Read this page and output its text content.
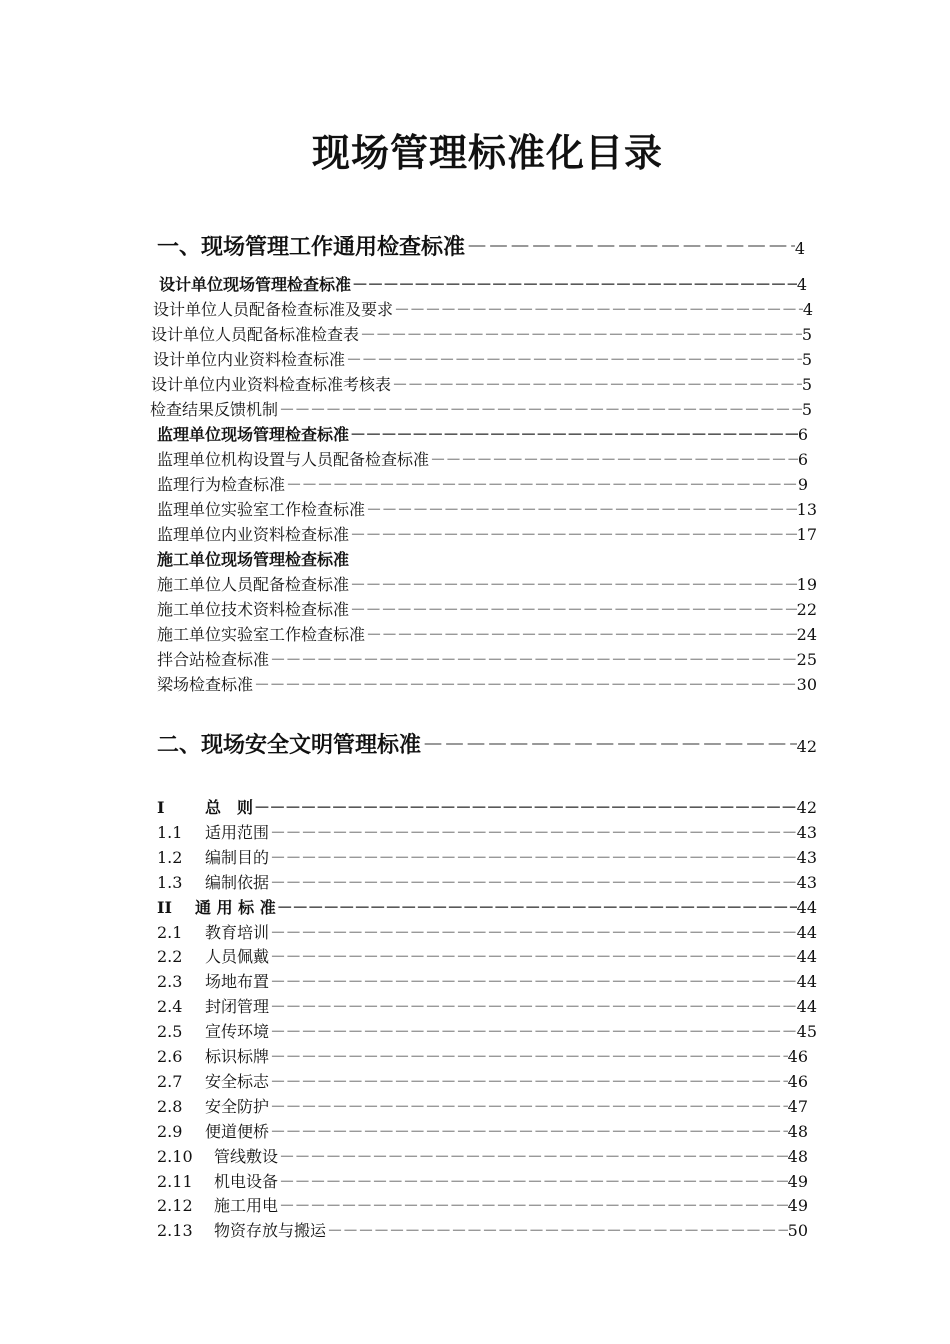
现场管理标准化目录
一、现场管理工作通用检查标准 －－－－－－－－－－－－－－－－－－－－－－－－－－－－－－－－－－－－－－－－－－－－－－－－－－－－－－－－－－－－－－－－－－－－－－－－－－－－－－	4
设计单位现场管理检查标准 －－－－－－－－－－－－－－－－－－－－－－－－－－－－－－－－－－－－－－－－－－－－－－－－－－－－－－－－－－－－－－－－－－－－－－－－－－－－－－	4
设计单位人员配备检查标准及要求 －－－－－－－－－－－－－－－－－－－－－－－－－－－－－－－－－－－－－－－－－－－－－－－－－－－－－－－－－－－－－－－－－－－－－－－－－－－－－－	4
设计单位人员配备标准检查表 －－－－－－－－－－－－－－－－－－－－－－－－－－－－－－－－－－－－－－－－－－－－－－－－－－－－－－－－－－－－－－－－－－－－－－－－－－－－－－	5
设计单位内业资料检查标准 －－－－－－－－－－－－－－－－－－－－－－－－－－－－－－－－－－－－－－－－－－－－－－－－－－－－－－－－－－－－－－－－－－－－－－－－－－－－－－	5
设计单位内业资料检查标准考核表 －－－－－－－－－－－－－－－－－－－－－－－－－－－－－－－－－－－－－－－－－－－－－－－－－－－－－－－－－－－－－－－－－－－－－－－－－－－－－－	5
检查结果反馈机制 －－－－－－－－－－－－－－－－－－－－－－－－－－－－－－－－－－－－－－－－－－－－－－－－－－－－－－－－－－－－－－－－－－－－－－－－－－－－－－	5
监理单位现场管理检查标准 －－－－－－－－－－－－－－－－－－－－－－－－－－－－－－－－－－－－－－－－－－－－－－－－－－－－－－－－－－－－－－－－－－－－－－－－－－－－－－	6
监理单位机构设置与人员配备检查标准 －－－－－－－－－－－－－－－－－－－－－－－－－－－－－－－－－－－－－－－－－－－－－－－－－－－－－－－－－－－－－－－－－－－－－－－－－－－－－－	6
监理行为检查标准 －－－－－－－－－－－－－－－－－－－－－－－－－－－－－－－－－－－－－－－－－－－－－－－－－－－－－－－－－－－－－－－－－－－－－－－－－－－－－－	9
监理单位实验室工作检查标准 －－－－－－－－－－－－－－－－－－－－－－－－－－－－－－－－－－－－－－－－－－－－－－－－－－－－－－－－－－－－－－－－－－－－－－－－－－－－－－	13
监理单位内业资料检查标准 －－－－－－－－－－－－－－－－－－－－－－－－－－－－－－－－－－－－－－－－－－－－－－－－－－－－－－－－－－－－－－－－－－－－－－－－－－－－－－	17
施工单位现场管理检查标准
施工单位人员配备检查标准 －－－－－－－－－－－－－－－－－－－－－－－－－－－－－－－－－－－－－－－－－－－－－－－－－－－－－－－－－－－－－－－－－－－－－－－－－－－－－－	19
施工单位技术资料检查标准 －－－－－－－－－－－－－－－－－－－－－－－－－－－－－－－－－－－－－－－－－－－－－－－－－－－－－－－－－－－－－－－－－－－－－－－－－－－－－－	22
施工单位实验室工作检查标准 －－－－－－－－－－－－－－－－－－－－－－－－－－－－－－－－－－－－－－－－－－－－－－－－－－－－－－－－－－－－－－－－－－－－－－－－－－－－－－	24
拌合站检查标准 －－－－－－－－－－－－－－－－－－－－－－－－－－－－－－－－－－－－－－－－－－－－－－－－－－－－－－－－－－－－－－－－－－－－－－－－－－－－－－	25
梁场检查标准 －－－－－－－－－－－－－－－－－－－－－－－－－－－－－－－－－－－－－－－－－－－－－－－－－－－－－－－－－－－－－－－－－－－－－－－－－－－－－－	30
二、现场安全文明管理标准 －－－－－－－－－－－－－－－－－－－－－－－－－－－－－－－－－－－－－－－－－－－－－－－－－－－－－－－－－－－－－－－－－－－－－－－－－－－－－－	42
I	总　则 －－－－－－－－－－－－－－－－－－－－－－－－－－－－－－－－－－－－－－－－－－－－－－－－－－－－－－－－－－－－－－－－－－－－－－－－－－－－－－	42
1.1	适用范围 －－－－－－－－－－－－－－－－－－－－－－－－－－－－－－－－－－－－－－－－－－－－－－－－－－－－－－－－－－－－－－－－－－－－－－－－－－－－－－	43
1.2	编制目的 －－－－－－－－－－－－－－－－－－－－－－－－－－－－－－－－－－－－－－－－－－－－－－－－－－－－－－－－－－－－－－－－－－－－－－－－－－－－－－	43
1.3	编制依据 －－－－－－－－－－－－－－－－－－－－－－－－－－－－－－－－－－－－－－－－－－－－－－－－－－－－－－－－－－－－－－－－－－－－－－－－－－－－－－	43
II	通 用 标 准 －－－－－－－－－－－－－－－－－－－－－－－－－－－－－－－－－－－－－－－－－－－－－－－－－－－－－－－－－－－－－－－－－－－－－－－－－－－－－－	44
2.1	教育培训 －－－－－－－－－－－－－－－－－－－－－－－－－－－－－－－－－－－－－－－－－－－－－－－－－－－－－－－－－－－－－－－－－－－－－－－－－－－－－－	44
2.2	人员佩戴 －－－－－－－－－－－－－－－－－－－－－－－－－－－－－－－－－－－－－－－－－－－－－－－－－－－－－－－－－－－－－－－－－－－－－－－－－－－－－－	44
2.3	场地布置 －－－－－－－－－－－－－－－－－－－－－－－－－－－－－－－－－－－－－－－－－－－－－－－－－－－－－－－－－－－－－－－－－－－－－－－－－－－－－－	44
2.4	封闭管理 －－－－－－－－－－－－－－－－－－－－－－－－－－－－－－－－－－－－－－－－－－－－－－－－－－－－－－－－－－－－－－－－－－－－－－－－－－－－－－	44
2.5	宣传环境 －－－－－－－－－－－－－－－－－－－－－－－－－－－－－－－－－－－－－－－－－－－－－－－－－－－－－－－－－－－－－－－－－－－－－－－－－－－－－－	45
2.6	标识标牌 －－－－－－－－－－－－－－－－－－－－－－－－－－－－－－－－－－－－－－－－－－－－－－－－－－－－－－－－－－－－－－－－－－－－－－－－－－－－－－	46
2.7	安全标志 －－－－－－－－－－－－－－－－－－－－－－－－－－－－－－－－－－－－－－－－－－－－－－－－－－－－－－－－－－－－－－－－－－－－－－－－－－－－－－	46
2.8	安全防护 －－－－－－－－－－－－－－－－－－－－－－－－－－－－－－－－－－－－－－－－－－－－－－－－－－－－－－－－－－－－－－－－－－－－－－－－－－－－－－	47
2.9	便道便桥 －－－－－－－－－－－－－－－－－－－－－－－－－－－－－－－－－－－－－－－－－－－－－－－－－－－－－－－－－－－－－－－－－－－－－－－－－－－－－－	48
2.10	管线敷设 －－－－－－－－－－－－－－－－－－－－－－－－－－－－－－－－－－－－－－－－－－－－－－－－－－－－－－－－－－－－－－－－－－－－－－－－－－－－－－	48
2.11	机电设备 －－－－－－－－－－－－－－－－－－－－－－－－－－－－－－－－－－－－－－－－－－－－－－－－－－－－－－－－－－－－－－－－－－－－－－－－－－－－－－	49
2.12	施工用电 －－－－－－－－－－－－－－－－－－－－－－－－－－－－－－－－－－－－－－－－－－－－－－－－－－－－－－－－－－－－－－－－－－－－－－－－－－－－－－	49
2.13	物资存放与搬运 －－－－－－－－－－－－－－－－－－－－－－－－－－－－－－－－－－－－－－－－－－－－－－－－－－－－－－－－－－－－－－－－－－－－－－－－－－－－－－	50
